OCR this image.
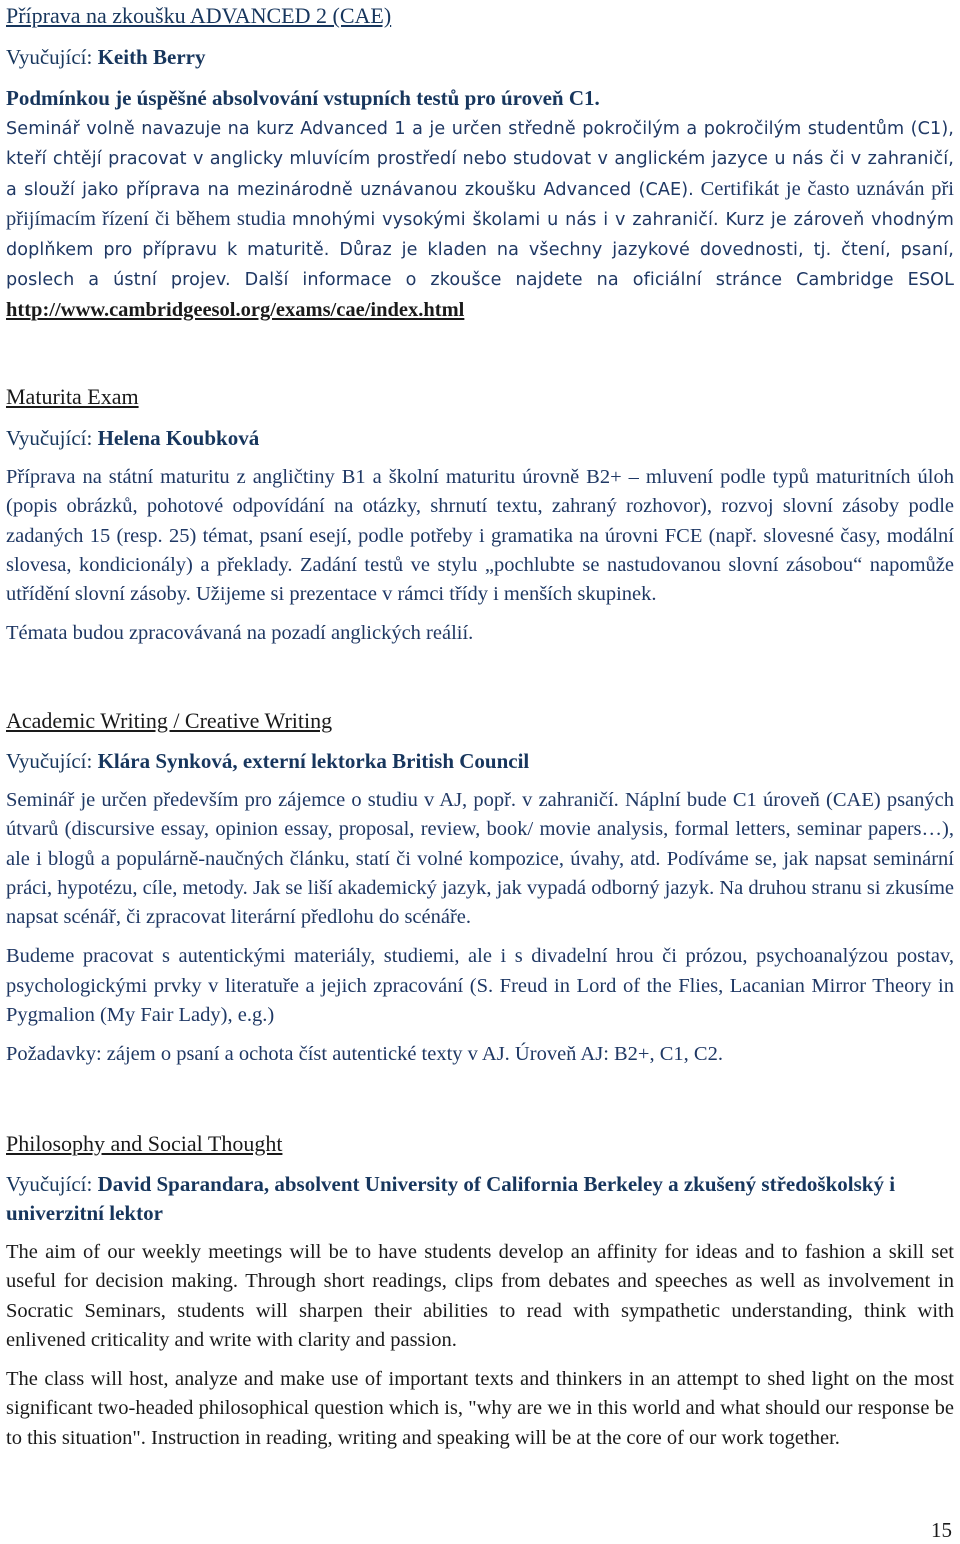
Příprava na zkoušku ADVANCED 2 (CAE)

Vyučující: Keith Berry

Podmínkou je úspěšné absolvování vstupních testů pro úroveň C1.

Seminář volně navazuje na kurz Advanced 1 a je určen středně pokročilým a pokročilým studentům (C1), kteří chtějí pracovat v anglicky mluvícím prostředí nebo studovat v anglickém jazyce u nás či v zahraničí, a slouží jako příprava na mezinárodně uznávanou zkoušku Advanced (CAE). Certifikát je často uznáván při přijímacím řízení či během studia mnohými vysokými školami u nás i v zahraničí. Kurz je zároveň vhodným doplňkem pro přípravu k maturitě. Důraz je kladen na všechny jazykové dovednosti, tj. čtení, psaní, poslech a ústní projev. Další informace o zkoušce najdete na oficiální stránce Cambridge ESOL http://www.cambridgeesol.org/exams/cae/index.html

Maturita Exam

Vyučující: Helena Koubková

Příprava na státní maturitu z angličtiny B1 a školní maturitu úrovně B2+ – mluvení podle typů maturitních úloh (popis obrázků, pohotové odpovídání na otázky, shrnutí textu, zahraný rozhovor), rozvoj slovní zásoby podle zadaných 15 (resp. 25) témat, psaní esejí, podle potřeby i gramatika na úrovni FCE (např. slovesné časy, modální slovesa, kondicionály) a překlady. Zadání testů ve stylu „pochlubte se nastudovanou slovní zásobou“ napomůže utřídění slovní zásoby. Užijeme si prezentace v rámci třídy i menších skupinek.

Témata budou zpracovávaná na pozadí anglických reálií.

Academic Writing / Creative Writing

Vyučující: Klára Synková, externí lektorka British Council

Seminář je určen především pro zájemce o studiu v AJ, popř. v zahraničí. Náplní bude C1 úroveň (CAE) psaných útvarů (discursive essay, opinion essay, proposal, review, book/ movie analysis, formal letters, seminar papers…), ale i blogů a populárně-naučných článku, statí či volné kompozice, úvahy, atd. Podíváme se, jak napsat seminární práci, hypotézu, cíle, metody. Jak se liší akademický jazyk, jak vypadá odborný jazyk. Na druhou stranu si zkusíme napsat scénář, či zpracovat literární předlohu do scénáře.

Budeme pracovat s autentickými materiály, studiemi, ale i s divadelní hrou či prózou, psychoanalýzou postav, psychologickými prvky v literatuře a jejich zpracování (S. Freud in Lord of the Flies, Lacanian Mirror Theory in Pygmalion (My Fair Lady), e.g.)

Požadavky: zájem o psaní a ochota číst autentické texty v AJ. Úroveň AJ: B2+, C1, C2.

Philosophy and Social Thought

Vyučující: David Sparandara, absolvent University of California Berkeley a zkušený středoškolský i univerzitní lektor

The aim of our weekly meetings will be to have students develop an affinity for ideas and to fashion a skill set useful for decision making. Through short readings, clips from debates and speeches as well as involvement in Socratic Seminars, students will sharpen their abilities to read with sympathetic understanding, think with enlivened criticality and write with clarity and passion.

The class will host, analyze and make use of important texts and thinkers in an attempt to shed light on the most significant two-headed philosophical question which is, "why are we in this world and what should our response be to this situation". Instruction in reading, writing and speaking will be at the core of our work together.

15
